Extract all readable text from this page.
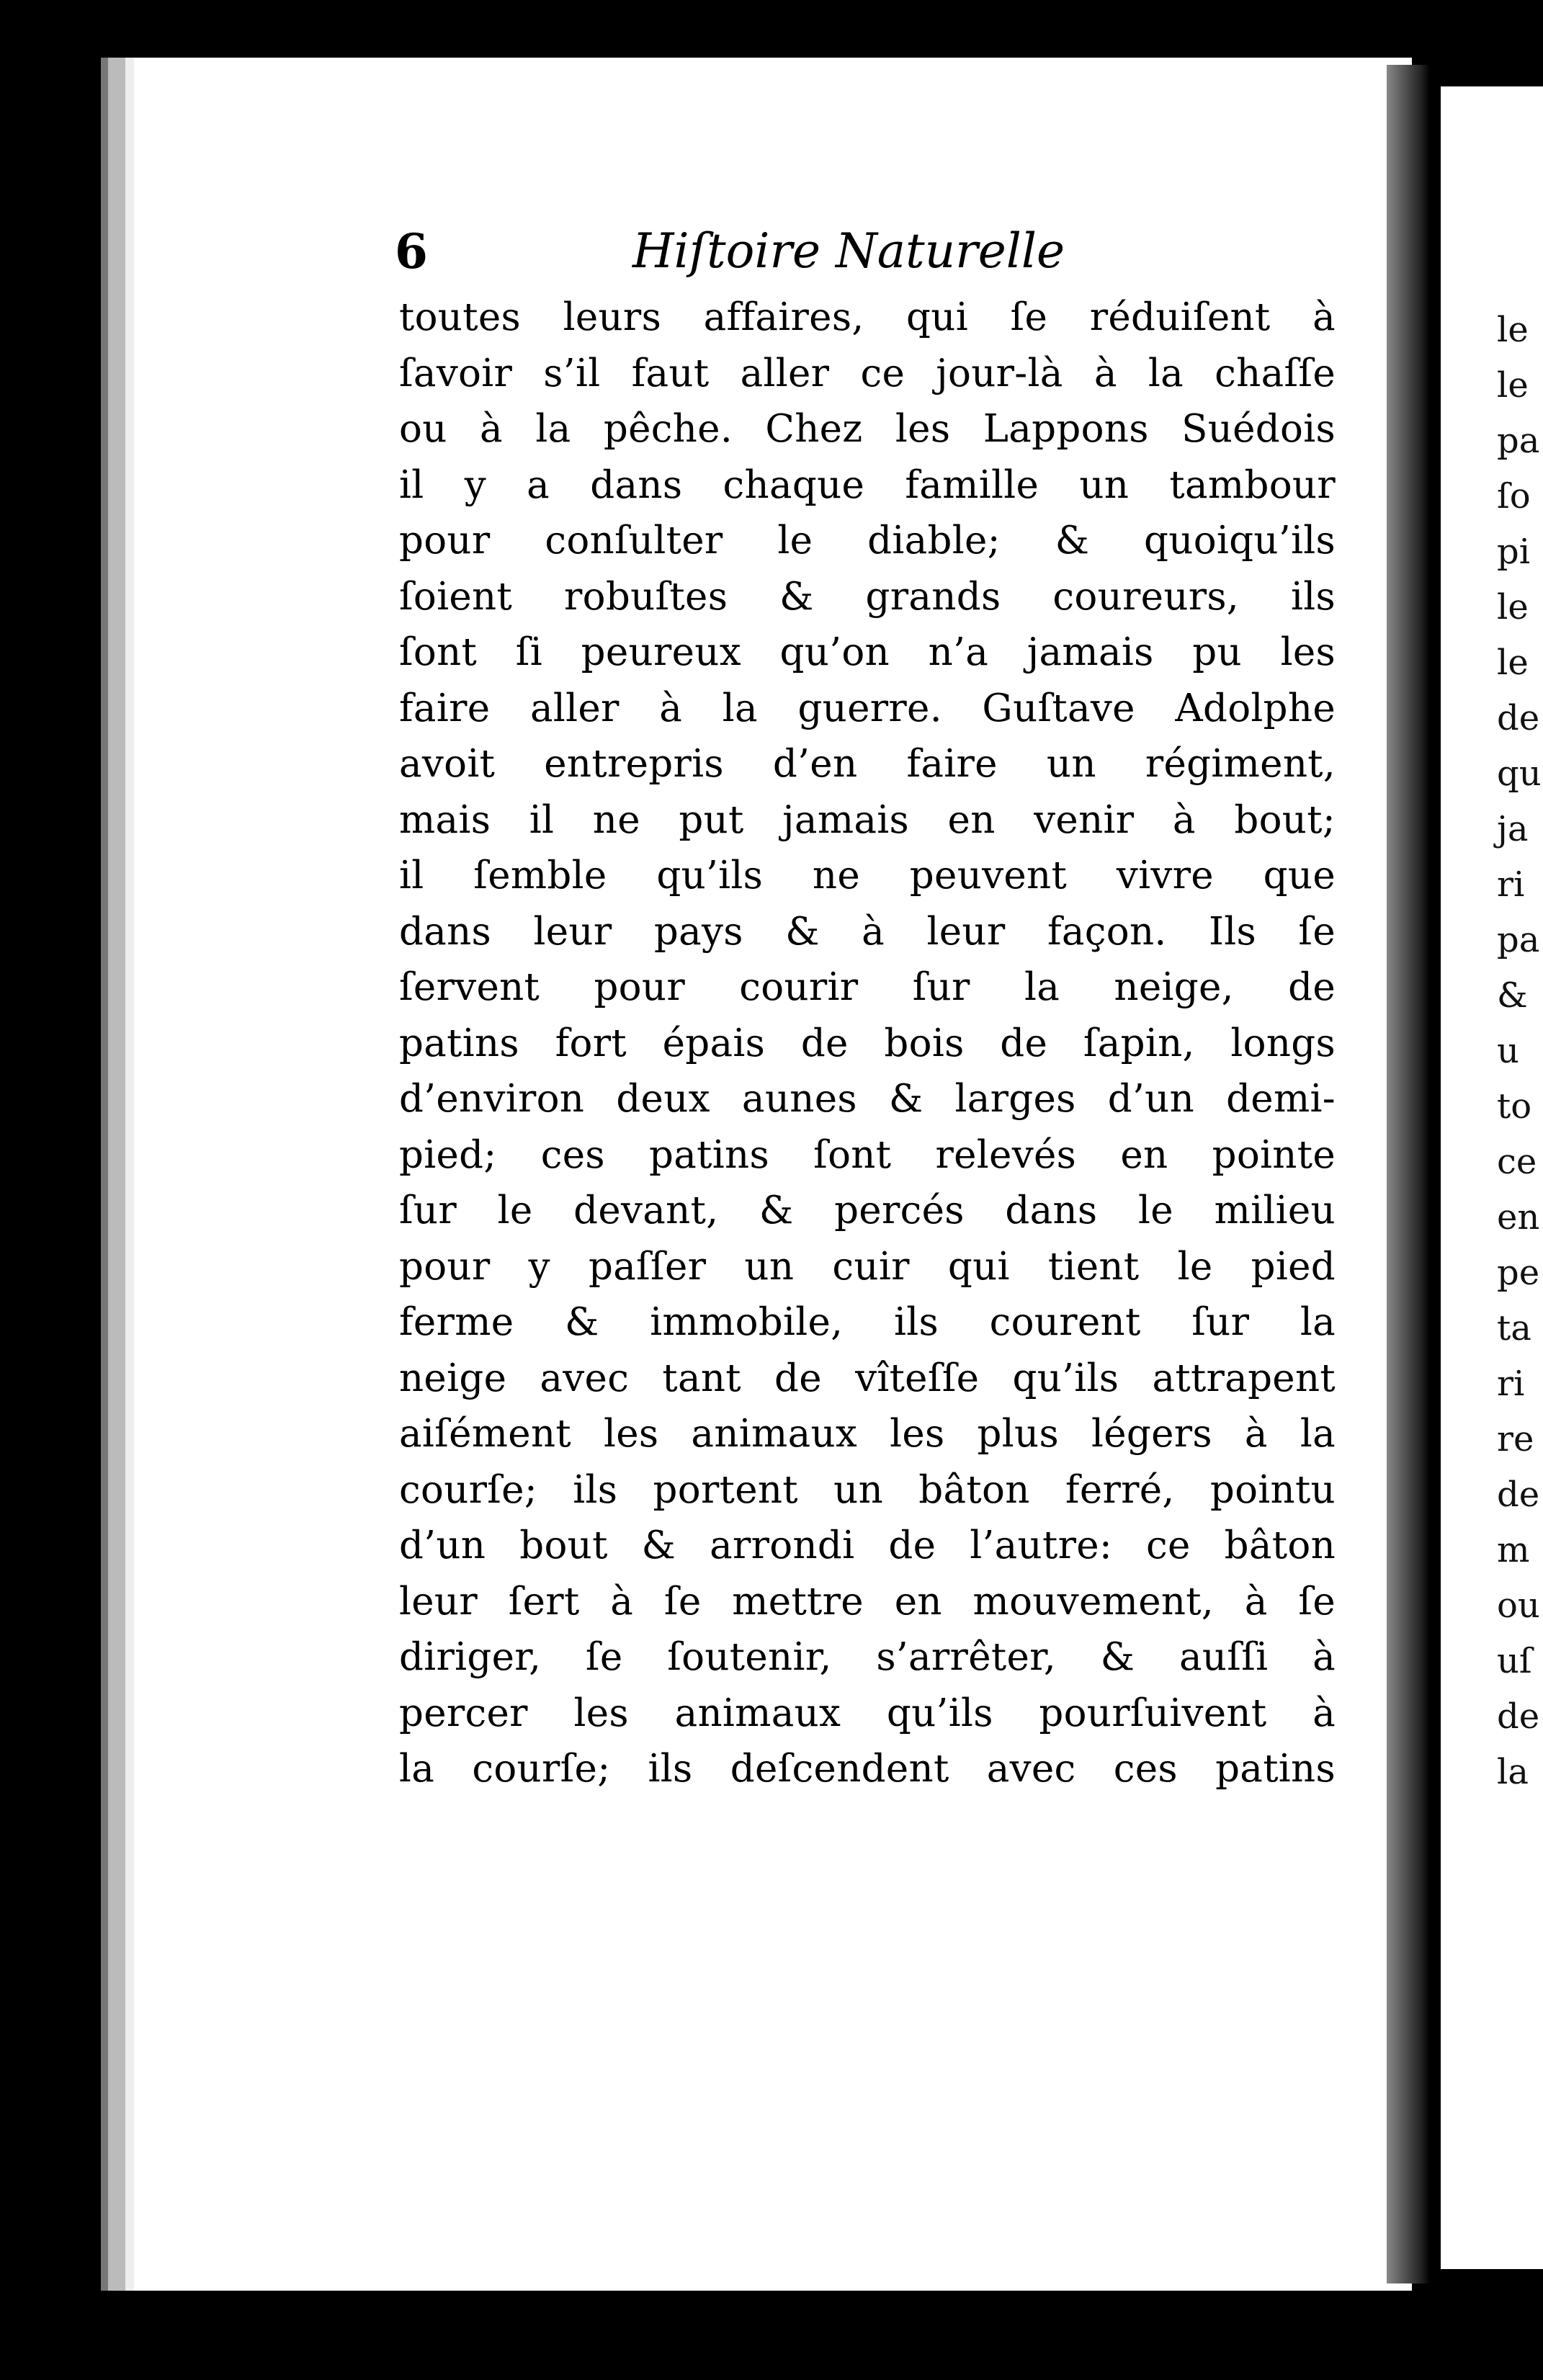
le
le
pa
ſo
pi
le
le
de
qu
ja
ri
pa
&
u
to
ce
en
pe
ta
ri
re
de
m
ou
uſ
de
la
6	Hiſtoire Naturelle
toutes leurs affaires, qui ſe réduiſent à
ſavoir s’il faut aller ce jour-là à la chaſſe
ou à la pêche. Chez les Lappons Suédois
il y a dans chaque famille un tambour
pour conſulter le diable; & quoiqu’ils
ſoient robuſtes & grands coureurs, ils
ſont ſi peureux qu’on n’a jamais pu les
faire aller à la guerre. Guſtave Adolphe
avoit entrepris d’en faire un régiment,
mais il ne put jamais en venir à bout;
il ſemble qu’ils ne peuvent vivre que
dans leur pays & à leur façon. Ils ſe
ſervent pour courir ſur la neige, de
patins fort épais de bois de ſapin, longs
d’environ deux aunes & larges d’un demi-
pied; ces patins ſont relevés en pointe
ſur le devant, & percés dans le milieu
pour y paſſer un cuir qui tient le pied
ferme & immobile, ils courent ſur la
neige avec tant de vîteſſe qu’ils attrapent
aiſément les animaux les plus légers à la
courſe; ils portent un bâton ferré, pointu
d’un bout & arrondi de l’autre: ce bâton
leur ſert à ſe mettre en mouvement, à ſe
diriger, ſe ſoutenir, s’arrêter, & auſſi à
percer les animaux qu’ils pourſuivent à
la courſe; ils deſcendent avec ces patins
